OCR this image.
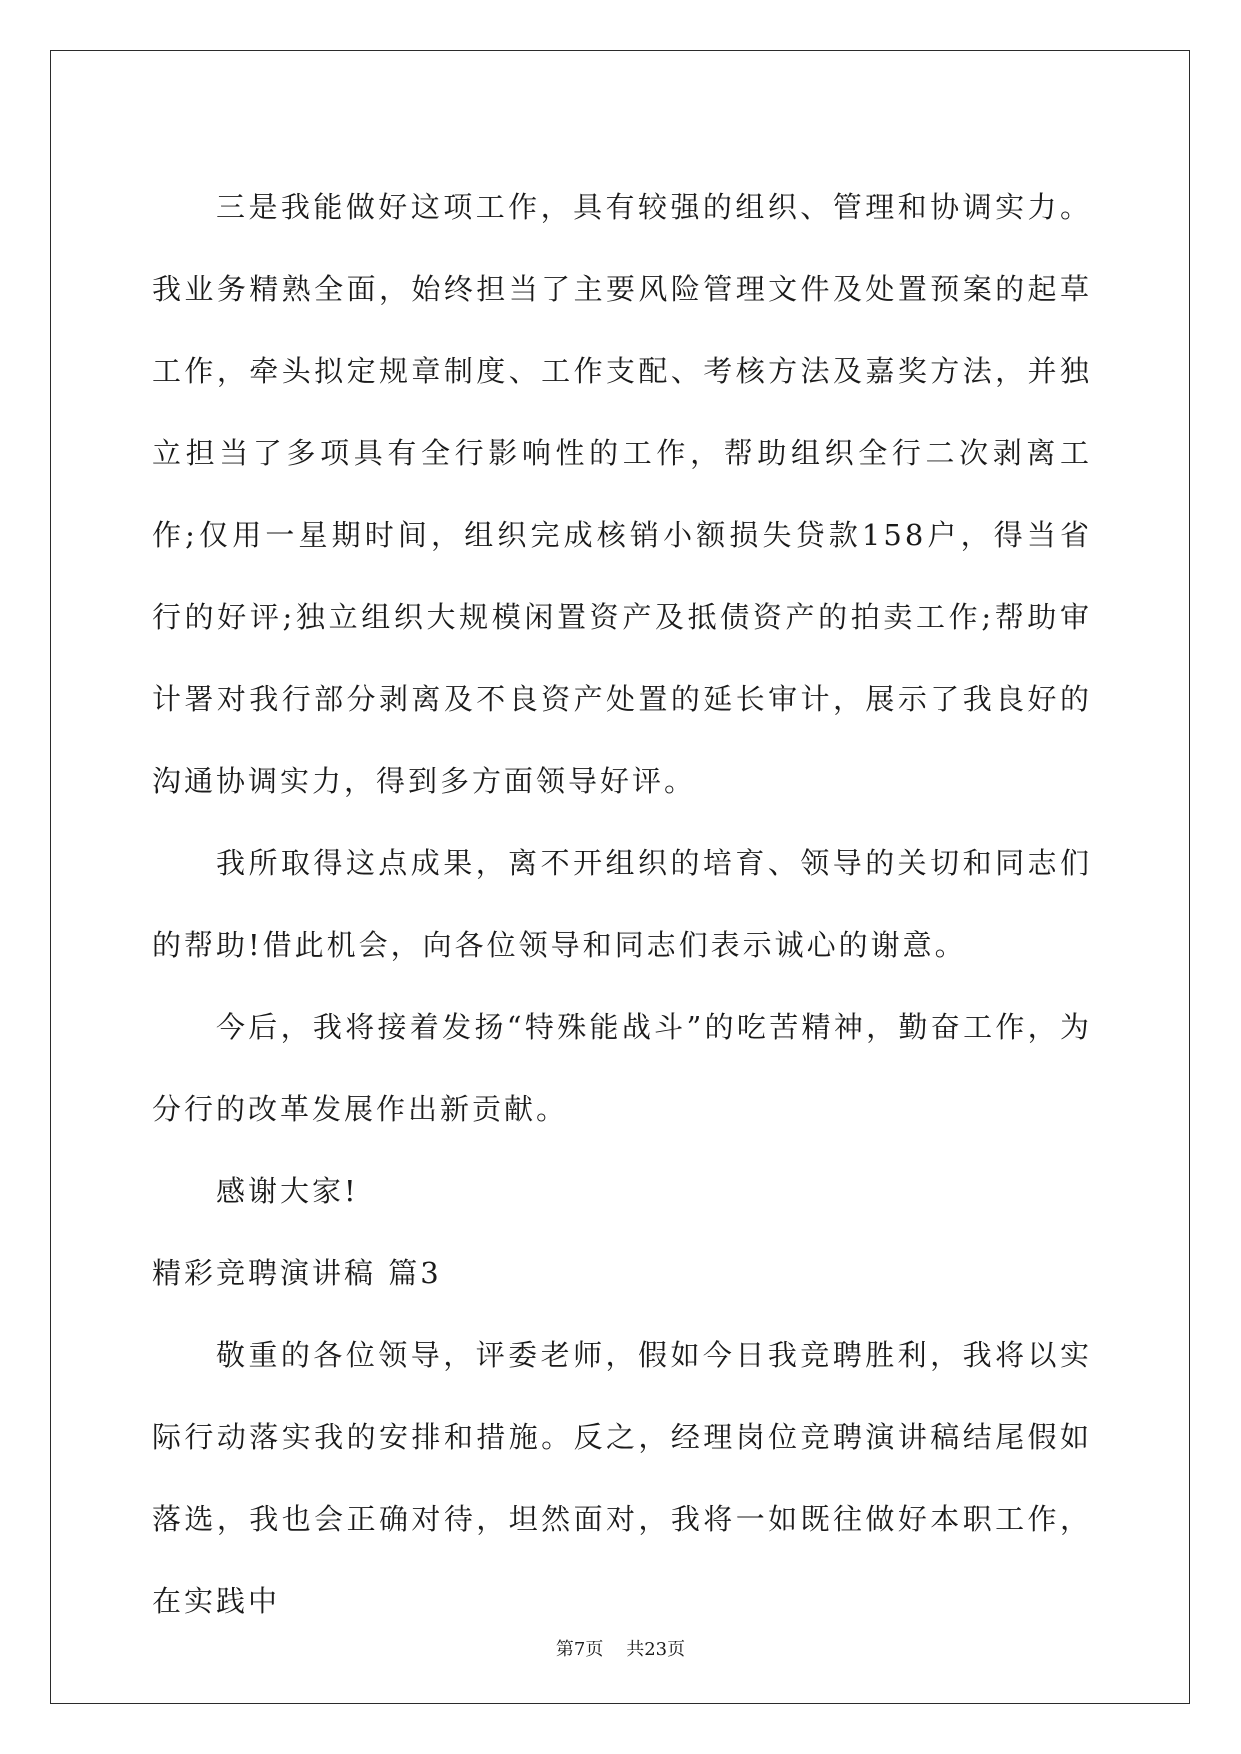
三是我能做好这项工作，具有较强的组织、管理和协调实力。我业务精熟全面，始终担当了主要风险管理文件及处置预案的起草工作，牵头拟定规章制度、工作支配、考核方法及嘉奖方法，并独立担当了多项具有全行影响性的工作，帮助组织全行二次剥离工作;仅用一星期时间，组织完成核销小额损失贷款158户，得当省行的好评;独立组织大规模闲置资产及抵债资产的拍卖工作;帮助审计署对我行部分剥离及不良资产处置的延长审计，展示了我良好的沟通协调实力，得到多方面领导好评。

我所取得这点成果，离不开组织的培育、领导的关切和同志们的帮助!借此机会，向各位领导和同志们表示诚心的谢意。

今后，我将接着发扬“特殊能战斗”的吃苦精神，勤奋工作，为分行的改革发展作出新贡献。

感谢大家!

精彩竞聘演讲稿 篇3

敬重的各位领导，评委老师，假如今日我竞聘胜利，我将以实际行动落实我的安排和措施。反之，经理岗位竞聘演讲稿结尾假如落选，我也会正确对待，坦然面对，我将一如既往做好本职工作，在实践中

第7页 共23页
